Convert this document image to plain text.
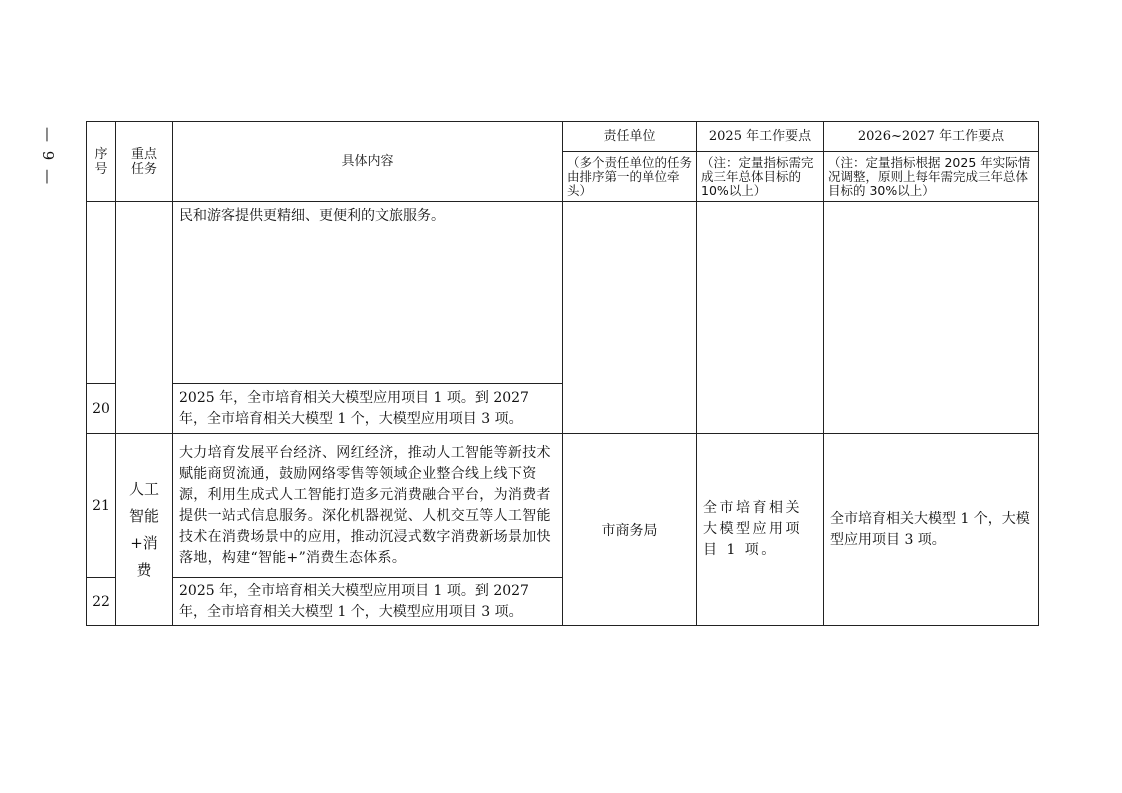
— 9 —	序号	重点任务	具体内容	责任单位	2025 年工作要点	2026~2027 年工作要点
			（多个责任单位的任务由排序第一的单位牵头）	（注：定量指标需完成三年总体目标的 10%以上）	（注：定量指标根据 2025 年实际情况调整，原则上每年需完成三年总体目标的 30%以上）
		民和游客提供更精细、更便利的文旅服务。			
20		2025 年，全市培育相关大模型应用项目 1 项。到 2027 年，全市培育相关大模型 1 个，大模型应用项目 3 项。			
21	人工智能+消费	大力培育发展平台经济、网红经济，推动人工智能等新技术赋能商贸流通，鼓励网络零售等领域企业整合线上线下资源，利用生成式人工智能打造多元消费融合平台，为消费者提供一站式信息服务。深化机器视觉、人机交互等人工智能技术在消费场景中的应用，推动沉浸式数字消费新场景加快落地，构建“智能+”消费生态体系。	市商务局	全市培育相关大模型应用项目 1 项。	全市培育相关大模型 1 个，大模型应用项目 3 项。
22		2025 年，全市培育相关大模型应用项目 1 项。到 2027 年，全市培育相关大模型 1 个，大模型应用项目 3 项。			
